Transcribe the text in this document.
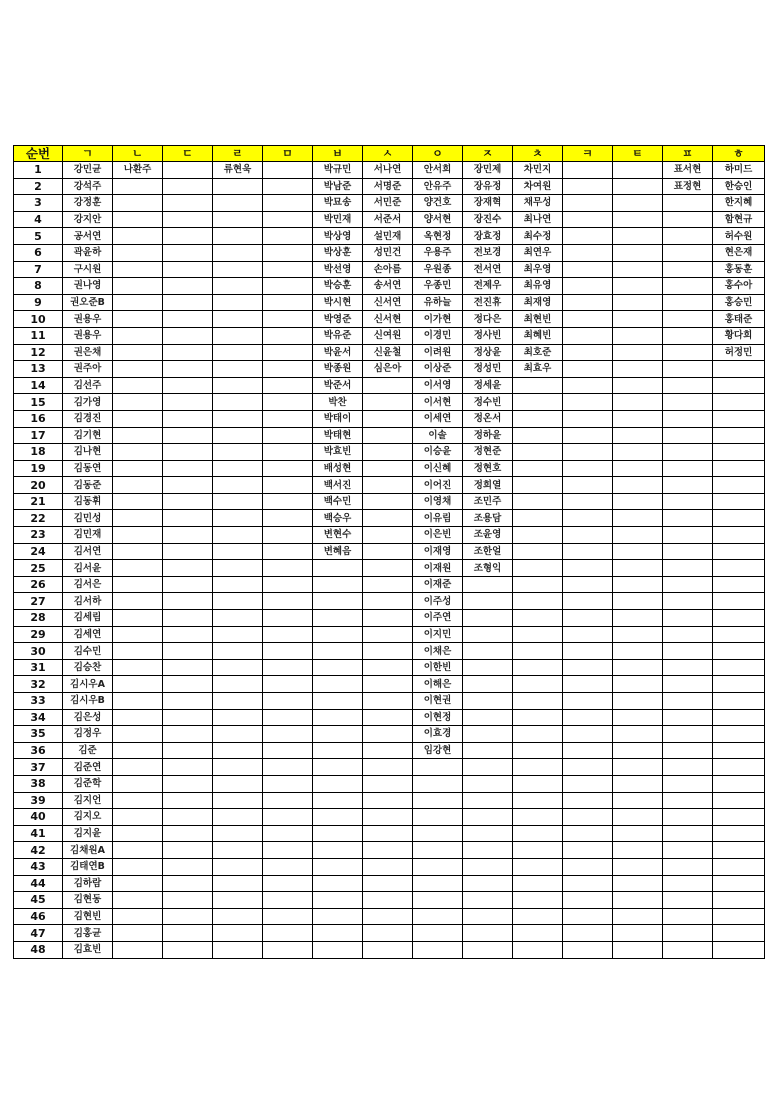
순번	ㄱ	ㄴ	ㄷ	ㄹ	ㅁ	ㅂ	ㅅ	ㅇ	ㅈ	ㅊ	ㅋ	ㅌ	ㅍ	ㅎ
1	강민균	나환주		류현욱		박규민	서나연	안서희	장민제	차민지			표서현	하미드
2	강석주					박남준	서명준	안유주	장유정	차여원			표정현	한승인
3	강정훈					박묘송	서민준	양건호	장재혁	채무성				한지혜
4	강지안					박민재	서준서	양서현	장진수	최나연				함현규
5	공서연					박상영	설민재	옥현정	장효정	최수정				허수원
6	곽윤하					박상훈	성민건	우용주	전보경	최연우				현은재
7	구시원					박선영	손아름	우원종	전서연	최우영				홍동훈
8	권나영					박승훈	송서연	우종민	전제우	최유영				홍수아
9	권오준B					박시현	신서연	유하늘	전진휴	최재영				홍승민
10	권용우					박영준	신서현	이가현	정다은	최현빈				홍태준
11	권용우					박유준	신여원	이경민	정사빈	최혜빈				황다희
12	권은채					박윤서	신윤철	이려원	정상윤	최호준				허정민
13	권주아					박종원	심은아	이상준	정성민	최효우				
14	김선주					박준서		이서영	정세윤					
15	김가영					박찬		이서현	정수빈					
16	김경진					박태이		이세연	정온서					
17	김기현					박태현		이솔	정하윤					
18	김나현					박효빈		이승윤	정현준					
19	김동연					배성현		이신혜	정현호					
20	김동준					백서진		이어진	정희열					
21	김동휘					백수민		이영채	조민주					
22	김민성					백승우		이유림	조용담					
23	김민재					변현수		이은빈	조윤영					
24	김서연					변혜음		이재영	조한얼					
25	김서윤							이재원	조형익					
26	김서은							이재준						
27	김서하							이주성						
28	김세림							이주연						
29	김세연							이지민						
30	김수민							이채은						
31	김승찬							이한빈						
32	김시우A							이해은						
33	김시우B							이현권						
34	김은성							이현정						
35	김정우							이효경						
36	김준							임강현						
37	김준연													
38	김준학													
39	김지언													
40	김지오													
41	김지윤													
42	김채원A													
43	김태연B													
44	김하람													
45	김현동													
46	김현빈													
47	김홍균													
48	김효빈													
